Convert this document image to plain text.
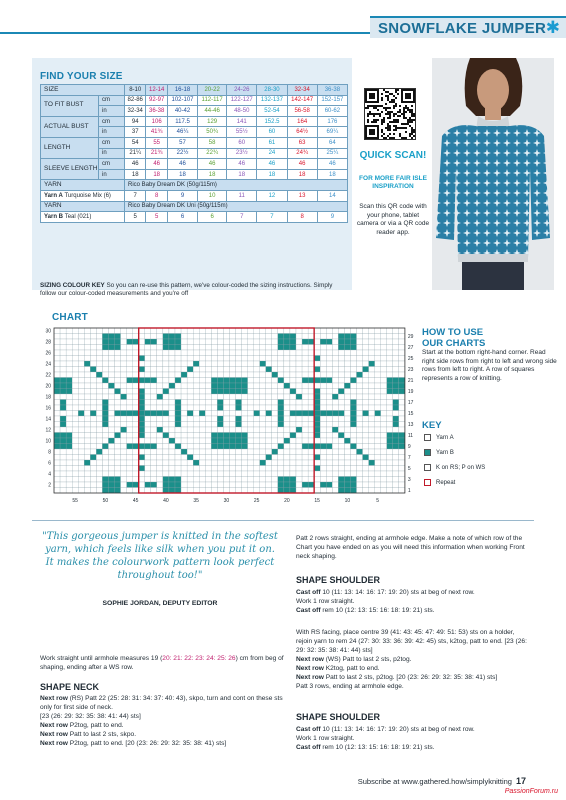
SNOWFLAKE JUMPER ✱
FIND YOUR SIZE
SIZE		8-10	12-14	16-18	20-22	24-26	28-30	32-34	36-38
TO FIT BUST	cm	82-86	92-97	102-107	112-117	122-127	132-137	142-147	152-157
	in	32-34	36-38	40-42	44-46	48-50	52-54	56-58	60-62
ACTUAL BUST	cm	94	106	117.5	129	141	152.5	164	176
	in	37	41¾	46¼	50¾	55½	60	64½	69¼
LENGTH	cm	54	55	57	58	60	61	63	64
	in	21¼	21¾	22½	22¾	23½	24	24¾	25¼
SLEEVE LENGTH	cm	46	46	46	46	46	46	46	46
	in	18	18	18	18	18	18	18	18
YARN		Rico Baby Dream DK (50g/115m)							
Yarn A Turquoise Mix (6)		7	8	9	10	11	12	13	14
YARN		Rico Baby Dream DK Uni (50g/115m)							
Yarn B Teal (021)		5	5	6	6	7	7	8	9
SIZING COLOUR KEY So you can re-use this pattern, we've colour-coded the sizing instructions. Simply follow our colour-coded measurements and you're off
QUICK SCAN!
FOR MORE FAIR ISLE INSPIRATION
Scan this QR code with your phone, tablet camera or via a QR code reader app.
CHART
30
28
26
24
22
20
18
16
14
12
10
8
6
4
2
29
27
25
23
21
19
17
15
13
11
9
7
5
3
1
55	50	45	40	35	30	25	20	15	10	5
HOW TO USE
OUR CHARTS
Start at the bottom right-hand corner. Read right side rows from right to left and wrong side rows from left to right. A row of squares represents a row of knitting.
KEY
Yarn A
Yarn B
K on RS; P on WS
Repeat
"This gorgeous jumper is knitted in the softest yarn, which feels like silk when you put it on. It makes the colourwork pattern look perfect throughout too!"
SOPHIE JORDAN, DEPUTY EDITOR
Work straight until armhole measures 19 (20: 21: 22: 23: 24: 25: 26) cm from beg of shaping, ending after a WS row.
SHAPE NECK
Next row (RS) Patt 22 (25: 28: 31: 34: 37: 40: 43), skpo, turn and cont on these sts only for first side of neck.
[23 (26: 29: 32: 35: 38: 41: 44) sts]
Next row P2tog, patt to end.
Next row Patt to last 2 sts, skpo.
Next row P2tog, patt to end. [20 (23: 26: 29: 32: 35: 38: 41) sts]
Patt 2 rows straight, ending at armhole edge. Make a note of which row of the Chart you have ended on as you will need this information when working Front neck shaping.
SHAPE SHOULDER
Cast off 10 (11: 13: 14: 16: 17: 19: 20) sts at beg of next row.
Work 1 row straight.
Cast off rem 10 (12: 13: 15: 16: 18: 19: 21) sts.
With RS facing, place centre 39 (41: 43: 45: 47: 49: 51: 53) sts on a holder, rejoin yarn to rem 24 (27: 30: 33: 36: 39: 42: 45) sts, k2tog, patt to end. [23 (26: 29: 32: 35: 38: 41: 44) sts]
Next row (WS) Patt to last 2 sts, p2tog.
Next row K2tog, patt to end.
Next row Patt to last 2 sts, p2tog. [20 (23: 26: 29: 32: 35: 38: 41) sts]
Patt 3 rows, ending at armhole edge.
SHAPE SHOULDER
Cast off 10 (11: 13: 14: 16: 17: 19: 20) sts at beg of next row.
Work 1 row straight.
Cast off rem 10 (12: 13: 15: 16: 18: 19: 21) sts.
Subscribe at www.gathered.how/simplyknitting 17
PassionForum.ru
